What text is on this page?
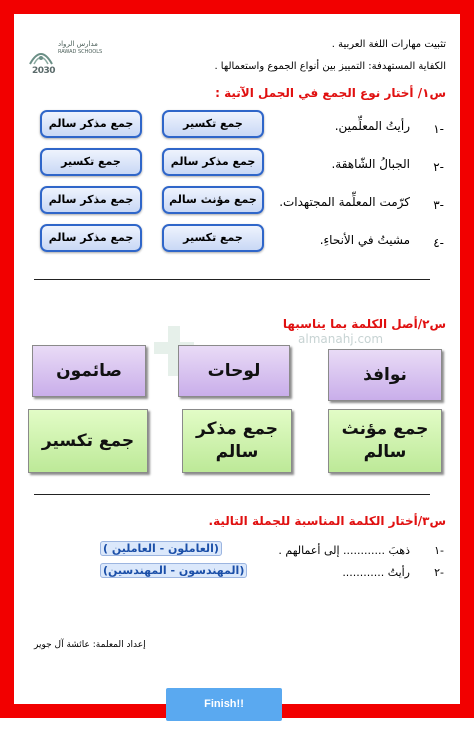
تثبيت مهارات اللغة العربية .
الكفاية المستهدفة: التمييز بين أنواع الجموع واستعمالها .
مدارس الرواد
RAWAD SCHOOLS
2030
س١/ أختار نوع الجمع في الجمل الآتية :
-١
رأيتُ المعلِّمين.
-٢
الجبالُ الشّاهقة.
-٣
كرّمت المعلِّمة المجتهدات.
-٤
مشيتُ في الأنحاءِ.
جمع تكسير
جمع مذكر سالم
جمع مذكر سالم
جمع تكسير
جمع مؤنث سالم
جمع مذكر سالم
جمع تكسير
جمع مذكر سالم
almanahj.com
س٢/أصل الكلمة بما يناسبها
نوافذ
لوحات
صائمون
جمع مؤنث سالم
جمع مذكر سالم
جمع تكسير
س٣/أختار الكلمة المناسبة للجملة التالية.
-١
ذهبَ ............ إلى أعمالهم .
(العاملون - العاملين )
-٢
رأيتُ ............
(المهندسون - المهندسين)
إعداد المعلمة: عائشة آل جوير
Finish!!
